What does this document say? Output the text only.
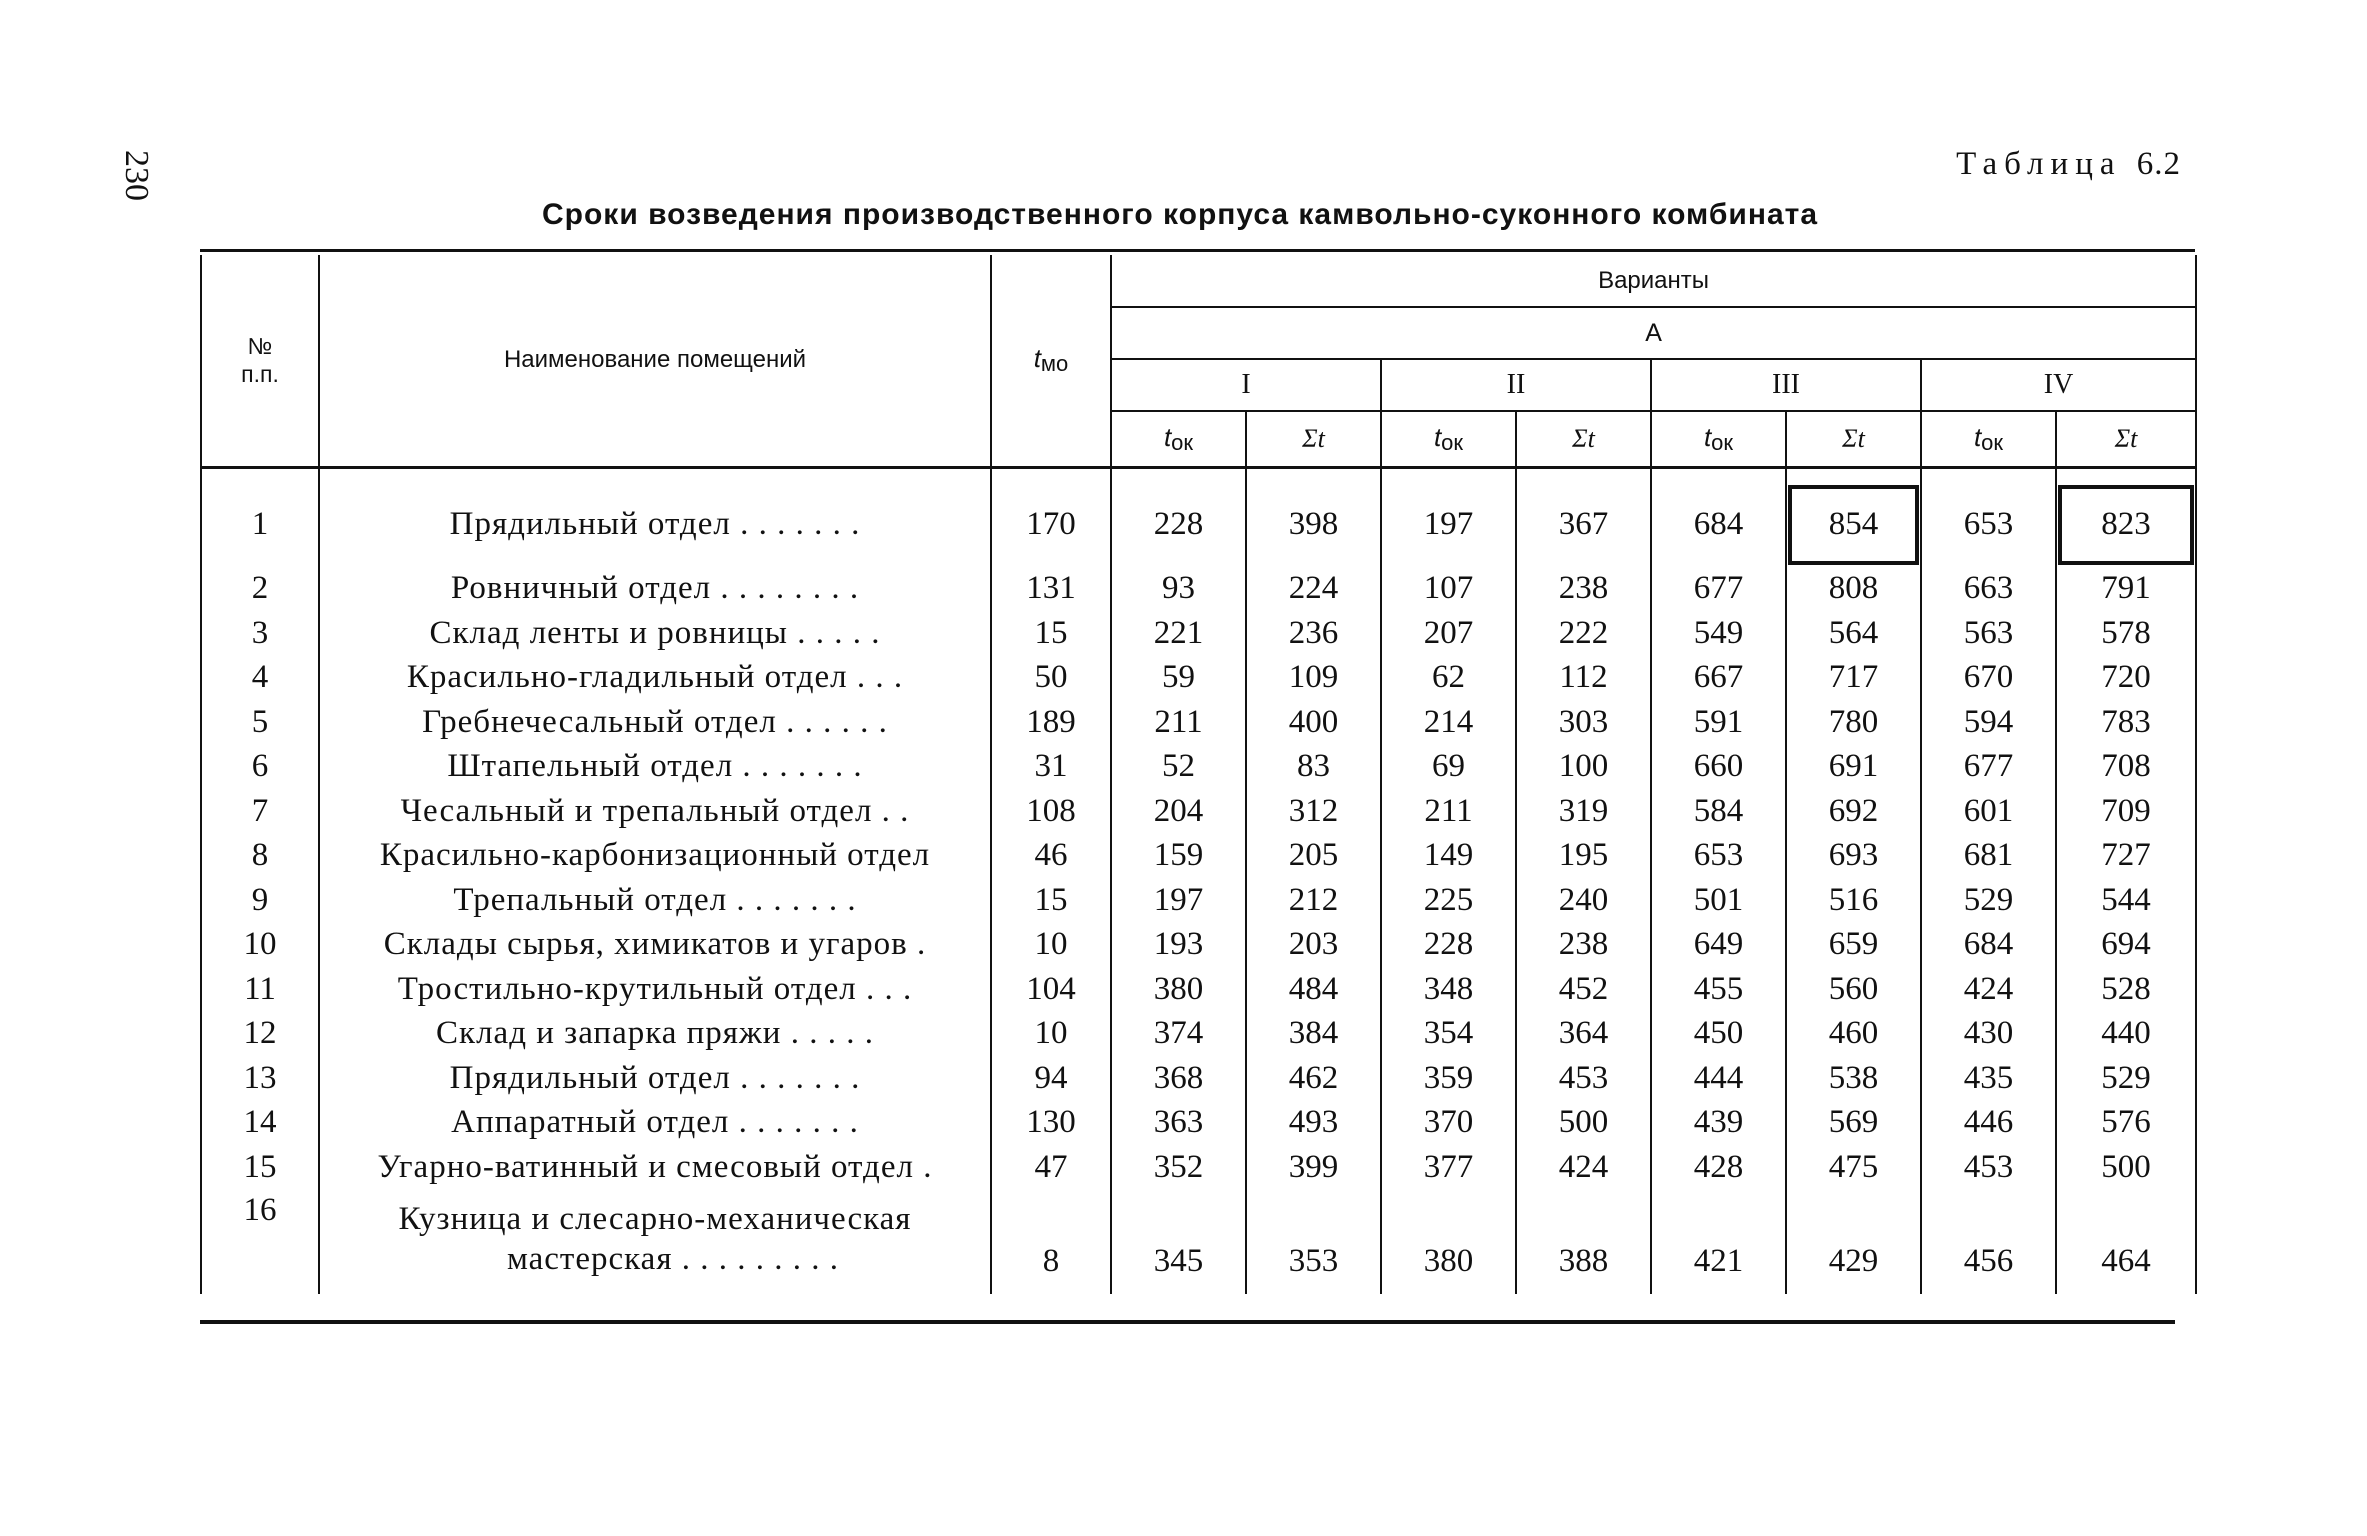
230	Таблица 6.2
Сроки возведения производственного корпуса камвольно-суконного комбината
№
п.п.	Наименование помещений	tмо	Варианты							
			А							
			I		II		III		IV	
			tок	Σt	tок	Σt	tок	Σt	tок	Σt

1	Прядильный отдел . . . . . . .	170	228	398	197	367	684	854	653	823
2	Ровничный отдел . . . . . . . .	131	93	224	107	238	677	808	663	791
3	Склад ленты и ровницы . . . . .	15	221	236	207	222	549	564	563	578
4	Красильно-гладильный отдел . . .	50	59	109	62	112	667	717	670	720
5	Гребнечесальный отдел . . . . . .	189	211	400	214	303	591	780	594	783
6	Штапельный отдел . . . . . . .	31	52	83	69	100	660	691	677	708
7	Чесальный и трепальный отдел . .	108	204	312	211	319	584	692	601	709
8	Красильно-карбонизационный отдел	46	159	205	149	195	653	693	681	727
9	Трепальный отдел . . . . . . .	15	197	212	225	240	501	516	529	544
10	Склады сырья, химикатов и угаров .	10	193	203	228	238	649	659	684	694
11	Тростильно-крутильный отдел . . .	104	380	484	348	452	455	560	424	528
12	Склад и запарка пряжи . . . . .	10	374	384	354	364	450	460	430	440
13	Прядильный отдел . . . . . . .	94	368	462	359	453	444	538	435	529
14	Аппаратный отдел . . . . . . .	130	363	493	370	500	439	569	446	576
15	Угарно-ватинный и смесовый отдел .	47	352	399	377	424	428	475	453	500
16	Кузница и слесарно-механическая
мастерская . . . . . . . . .	8	345	353	380	388	421	429	456	464
